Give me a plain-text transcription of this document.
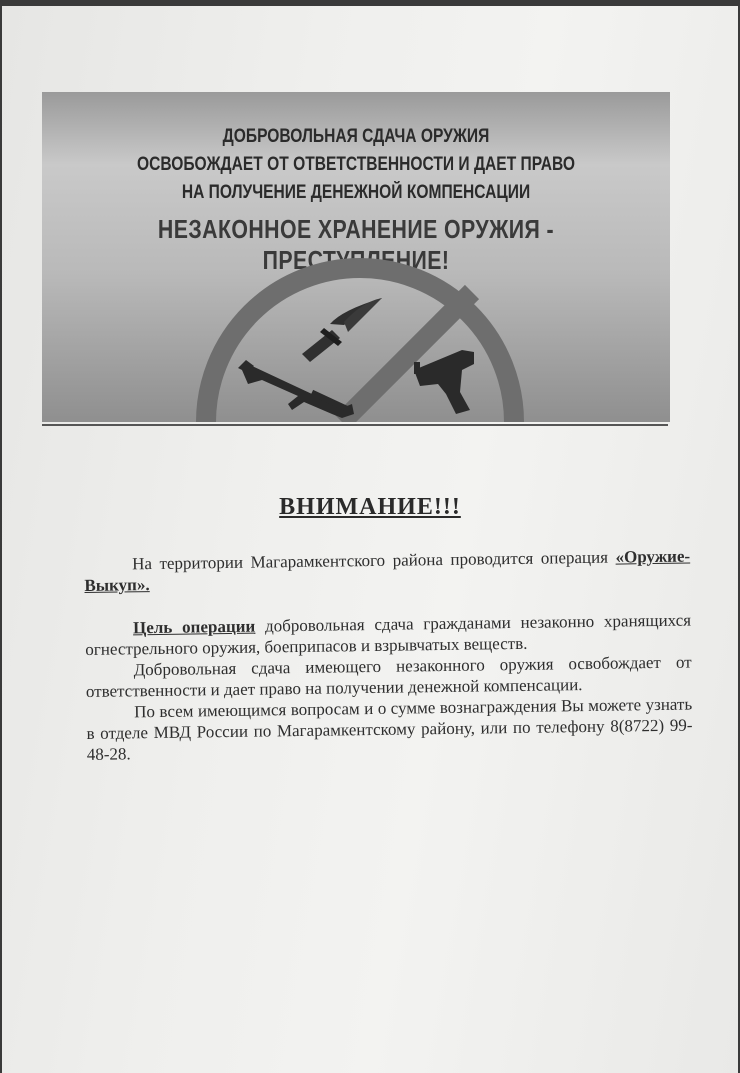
ДОБРОВОЛЬНАЯ СДАЧА ОРУЖИЯ
ОСВОБОЖДАЕТ ОТ ОТВЕТСТВЕННОСТИ И ДАЕТ ПРАВО
НА ПОЛУЧЕНИЕ ДЕНЕЖНОЙ КОМПЕНСАЦИИ
НЕЗАКОННОЕ ХРАНЕНИЕ ОРУЖИЯ - ПРЕСТУПЛЕНИЕ!
ВНИМАНИЕ!!!

На территории Магарамкентского района проводится операция «Оружие-Выкуп».

Цель операции добровольная сдача гражданами незаконно хранящихся огнестрельного оружия, боеприпасов и взрывчатых веществ.

Добровольная сдача имеющего незаконного оружия освобождает от ответственности и дает право на получении денежной компенсации.

По всем имеющимся вопросам и о сумме вознаграждения Вы можете узнать в отделе МВД России по Магарамкентскому району, или по телефону 8(8722) 99-48-28.
